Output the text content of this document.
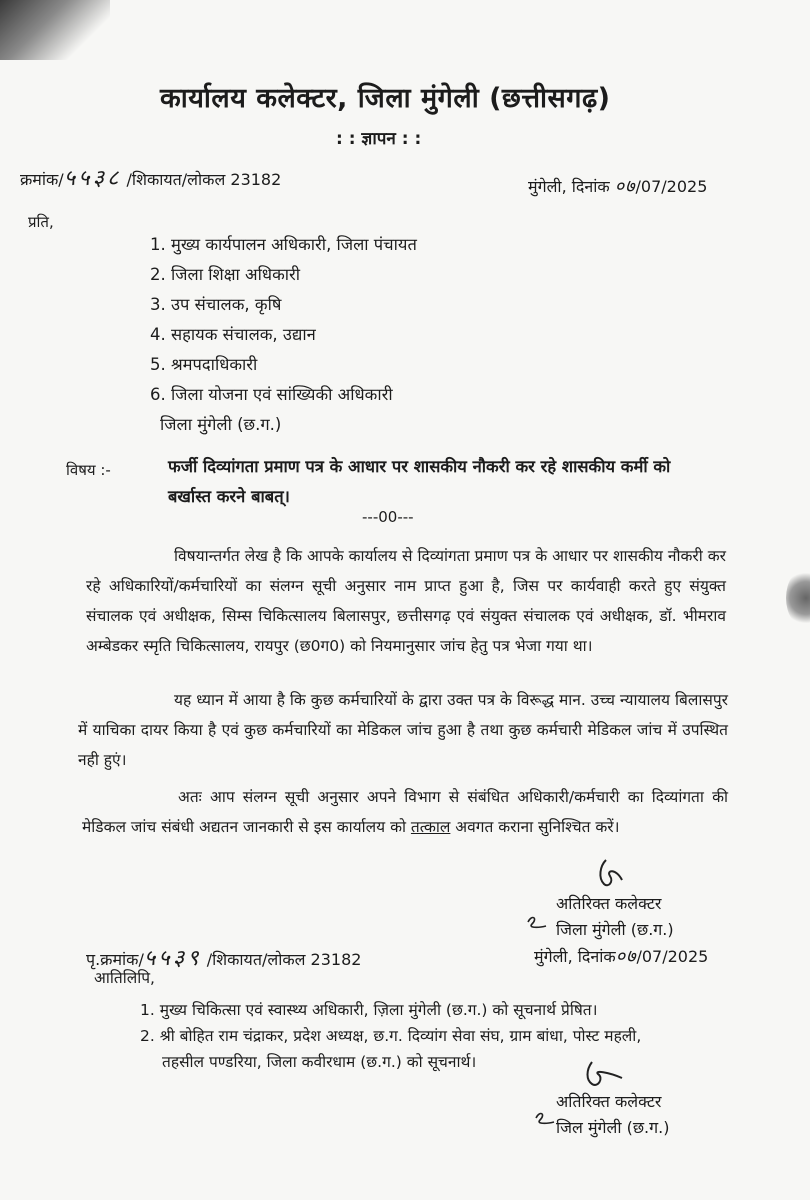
कार्यालय कलेक्टर, जिला मुंगेली (छत्तीसगढ़)
: : ज्ञापन : :
क्रमांक/५५३८ /शिकायत/लोकल 23182	मुंगेली, दिनांक ०७/07/2025
प्रति,
1. मुख्य कार्यपालन अधिकारी, जिला पंचायत
2. जिला शिक्षा अधिकारी
3. उप संचालक, कृषि
4. सहायक संचालक, उद्यान
5. श्रमपदाधिकारी
6. जिला योजना एवं सांख्यिकी अधिकारी
जिला मुंगेली (छ.ग.)
विषय :-	फर्जी दिव्यांगता प्रमाण पत्र के आधार पर शासकीय नौकरी कर रहे शासकीय कर्मी को
बर्खास्त करने बाबत्।
---00---
विषयान्तर्गत लेख है कि आपके कार्यालय से दिव्यांगता प्रमाण पत्र के आधार पर शासकीय नौकरी कर रहे अधिकारियों/कर्मचारियों का संलग्न सूची अनुसार नाम प्राप्त हुआ है, जिस पर कार्यवाही करते हुए संयुक्त संचालक एवं अधीक्षक, सिम्स चिकित्सालय बिलासपुर, छत्तीसगढ़ एवं संयुक्त संचालक एवं अधीक्षक, डॉ. भीमराव अम्बेडकर स्मृति चिकित्सालय, रायपुर (छ0ग0) को नियमानुसार जांच हेतु पत्र भेजा गया था।
यह ध्यान में आया है कि कुछ कर्मचारियों के द्वारा उक्त पत्र के विरूद्ध मान. उच्च न्यायालय बिलासपुर में याचिका दायर किया है एवं कुछ कर्मचारियों का मेडिकल जांच हुआ है तथा कुछ कर्मचारी मेडिकल जांच में उपस्थित नही हुएं।
अतः आप संलग्न सूची अनुसार अपने विभाग से संबंधित अधिकारी/कर्मचारी का दिव्यांगता की मेडिकल जांच संबंधी अद्यतन जानकारी से इस कार्यालय को तत्काल अवगत कराना सुनिश्चित करें।
अतिरिक्त कलेक्टर
जिला मुंगेली (छ.ग.)
पृ.क्रमांक/५५३९ /शिकायत/लोकल 23182	मुंगेली, दिनांक०७/07/2025
आतिलिपि,
1. मुख्य चिकित्सा एवं स्वास्थ्य अधिकारी, ज़िला मुंगेली (छ.ग.) को सूचनार्थ प्रेषित।
2. श्री बोहित राम चंद्राकर, प्रदेश अध्यक्ष, छ.ग. दिव्यांग सेवा संघ, ग्राम बांधा, पोस्ट महली,
तहसील पण्डरिया, जिला कवीरधाम (छ.ग.) को सूचनार्थ।
अतिरिक्त कलेक्टर
जिल मुंगेली (छ.ग.)
